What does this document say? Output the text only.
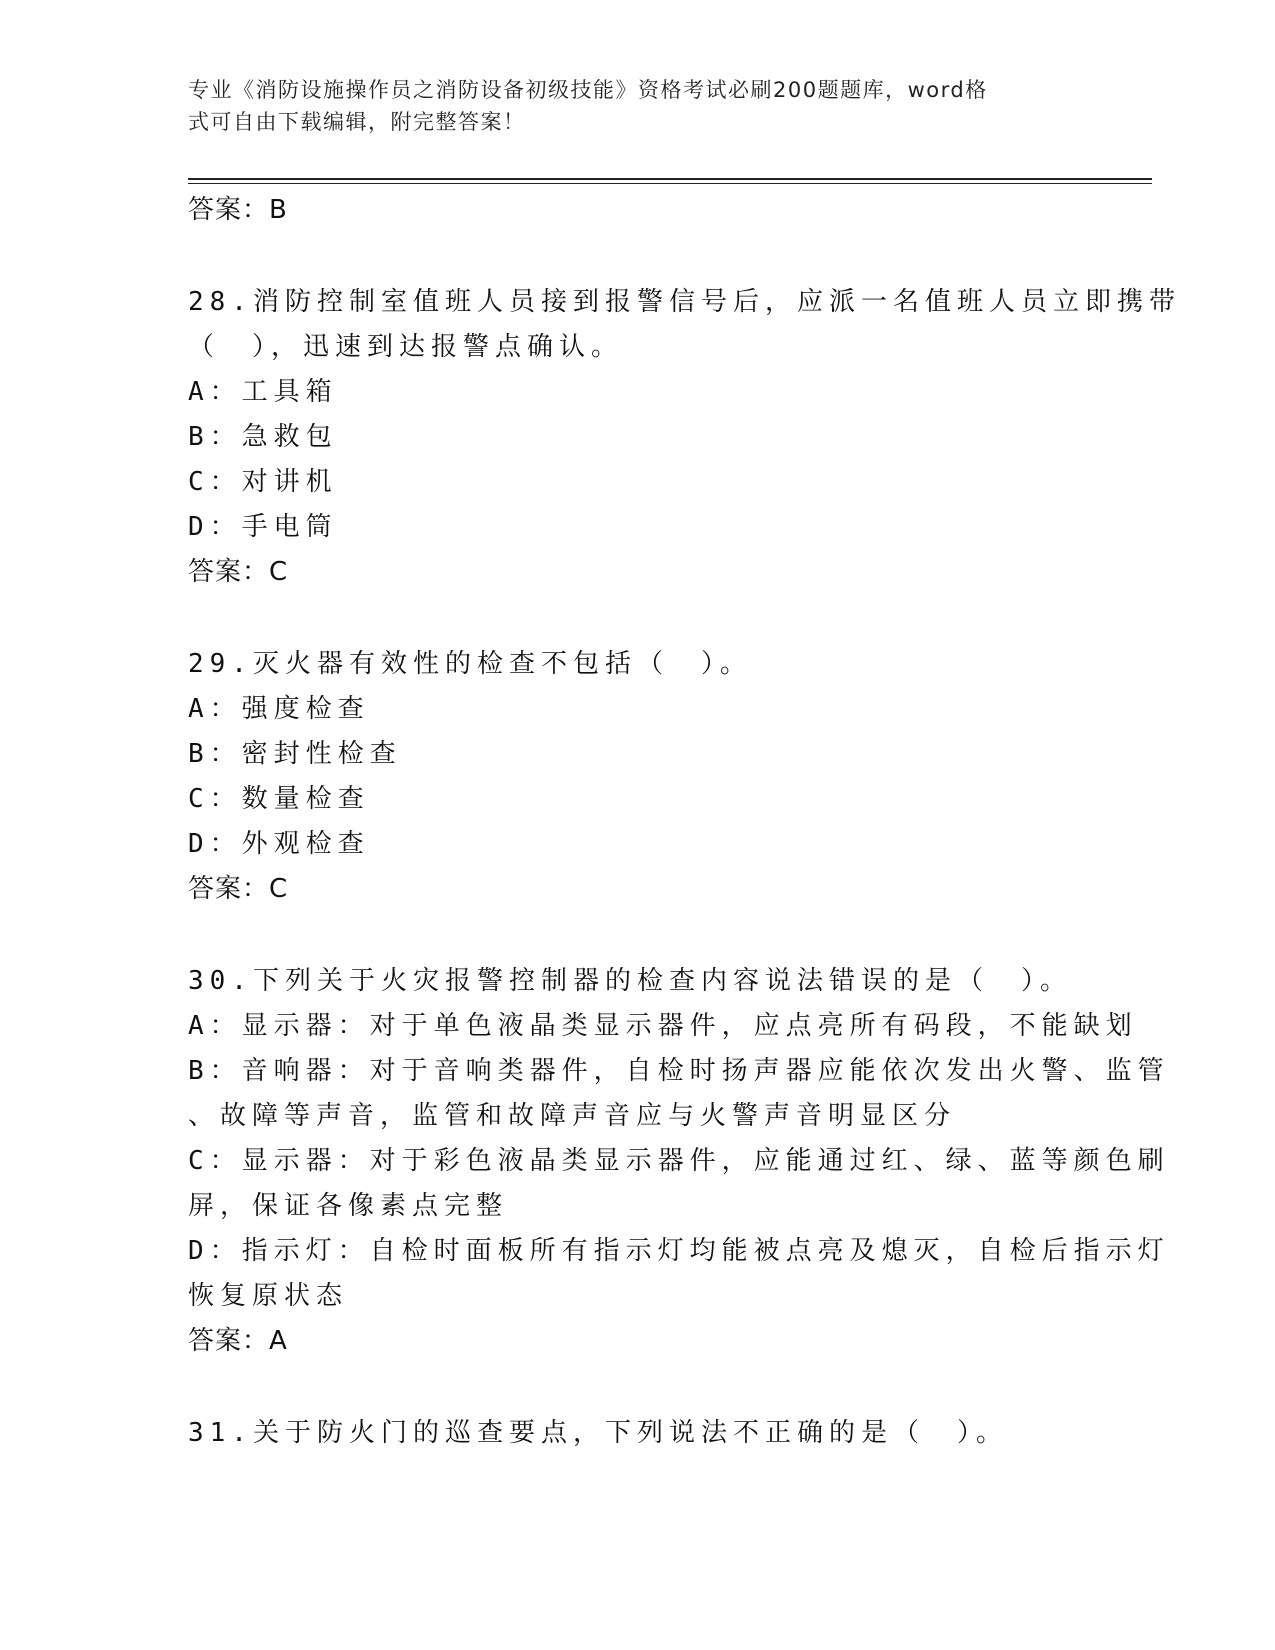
专业《消防设施操作员之消防设备初级技能》资格考试必刷200题题库，word格
式可自由下载编辑，附完整答案！
答案：B
28.消防控制室值班人员接到报警信号后，应派一名值班人员立即携带
（　），迅速到达报警点确认。
A：工具箱
B：急救包
C：对讲机
D：手电筒
答案：C
29.灭火器有效性的检查不包括（　）。
A：强度检查
B：密封性检查
C：数量检查
D：外观检查
答案：C
30.下列关于火灾报警控制器的检查内容说法错误的是（　）。
A：显示器：对于单色液晶类显示器件，应点亮所有码段，不能缺划
B：音响器：对于音响类器件，自检时扬声器应能依次发出火警、监管
、故障等声音，监管和故障声音应与火警声音明显区分
C：显示器：对于彩色液晶类显示器件，应能通过红、绿、蓝等颜色刷
屏，保证各像素点完整
D：指示灯：自检时面板所有指示灯均能被点亮及熄灭，自检后指示灯
恢复原状态
答案：A
31.关于防火门的巡查要点，下列说法不正确的是（　）。
